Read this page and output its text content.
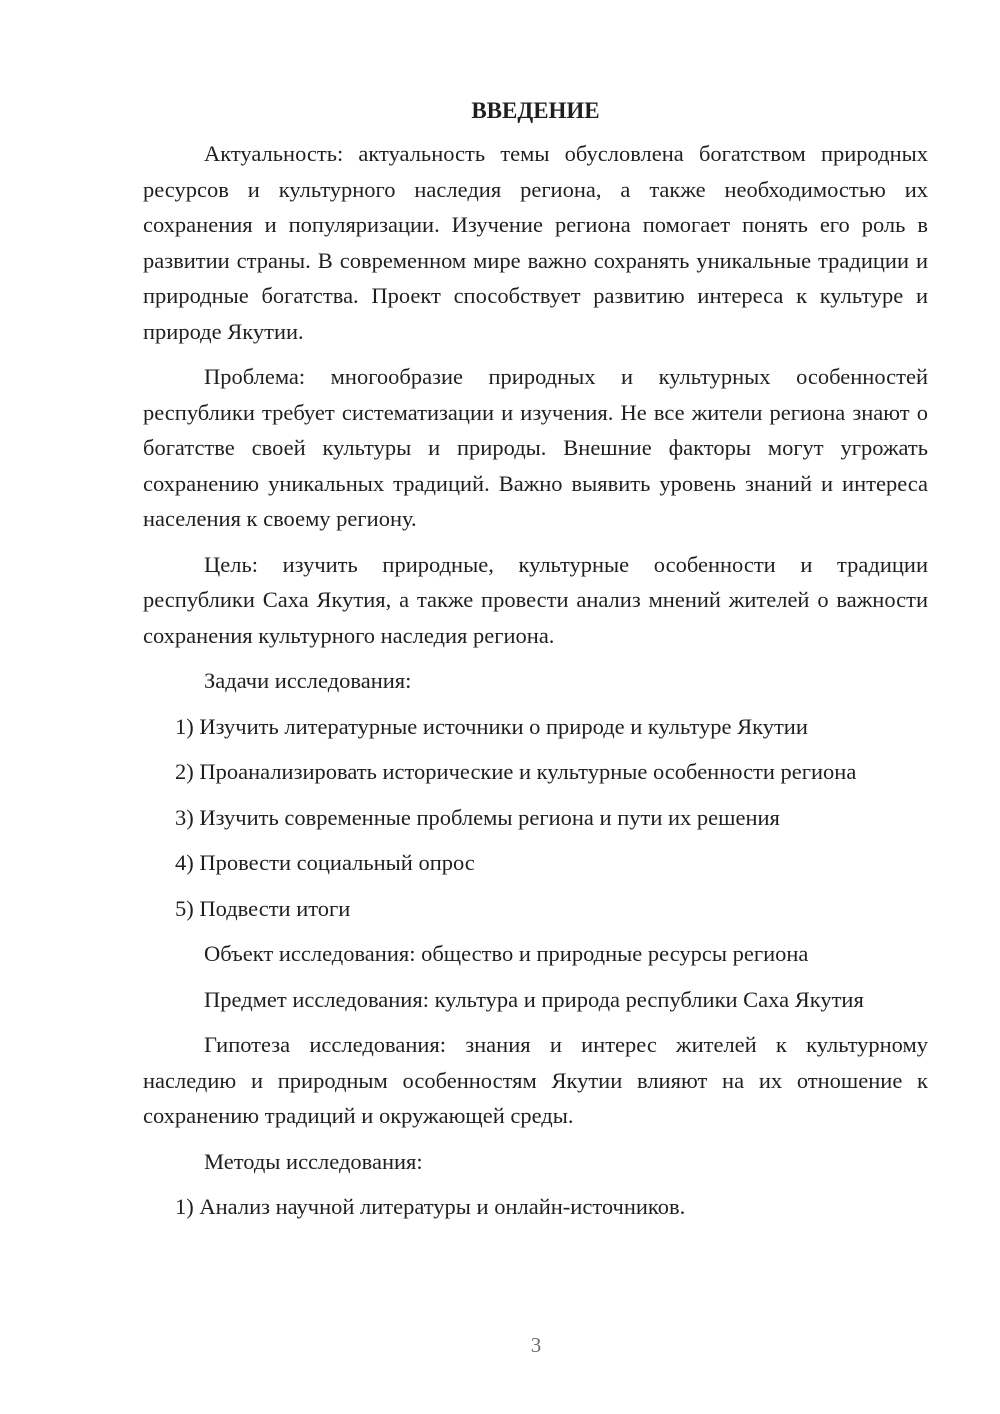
ВВЕДЕНИЕ

Актуальность: актуальность темы обусловлена богатством природных ресурсов и культурного наследия региона, а также необходимостью их сохранения и популяризации. Изучение региона помогает понять его роль в развитии страны. В современном мире важно сохранять уникальные традиции и природные богатства. Проект способствует развитию интереса к культуре и природе Якутии.

Проблема: многообразие природных и культурных особенностей республики требует систематизации и изучения. Не все жители региона знают о богатстве своей культуры и природы. Внешние факторы могут угрожать сохранению уникальных традиций. Важно выявить уровень знаний и интереса населения к своему региону.

Цель: изучить природные, культурные особенности и традиции республики Саха Якутия, а также провести анализ мнений жителей о важности сохранения культурного наследия региона.

Задачи исследования:

1) Изучить литературные источники о природе и культуре Якутии

2) Проанализировать исторические и культурные особенности региона

3) Изучить современные проблемы региона и пути их решения

4) Провести социальный опрос

5) Подвести итоги

Объект исследования: общество и природные ресурсы региона

Предмет исследования: культура и природа республики Саха Якутия

Гипотеза исследования: знания и интерес жителей к культурному наследию и природным особенностям Якутии влияют на их отношение к сохранению традиций и окружающей среды.

Методы исследования:

1) Анализ научной литературы и онлайн-источников.

3
